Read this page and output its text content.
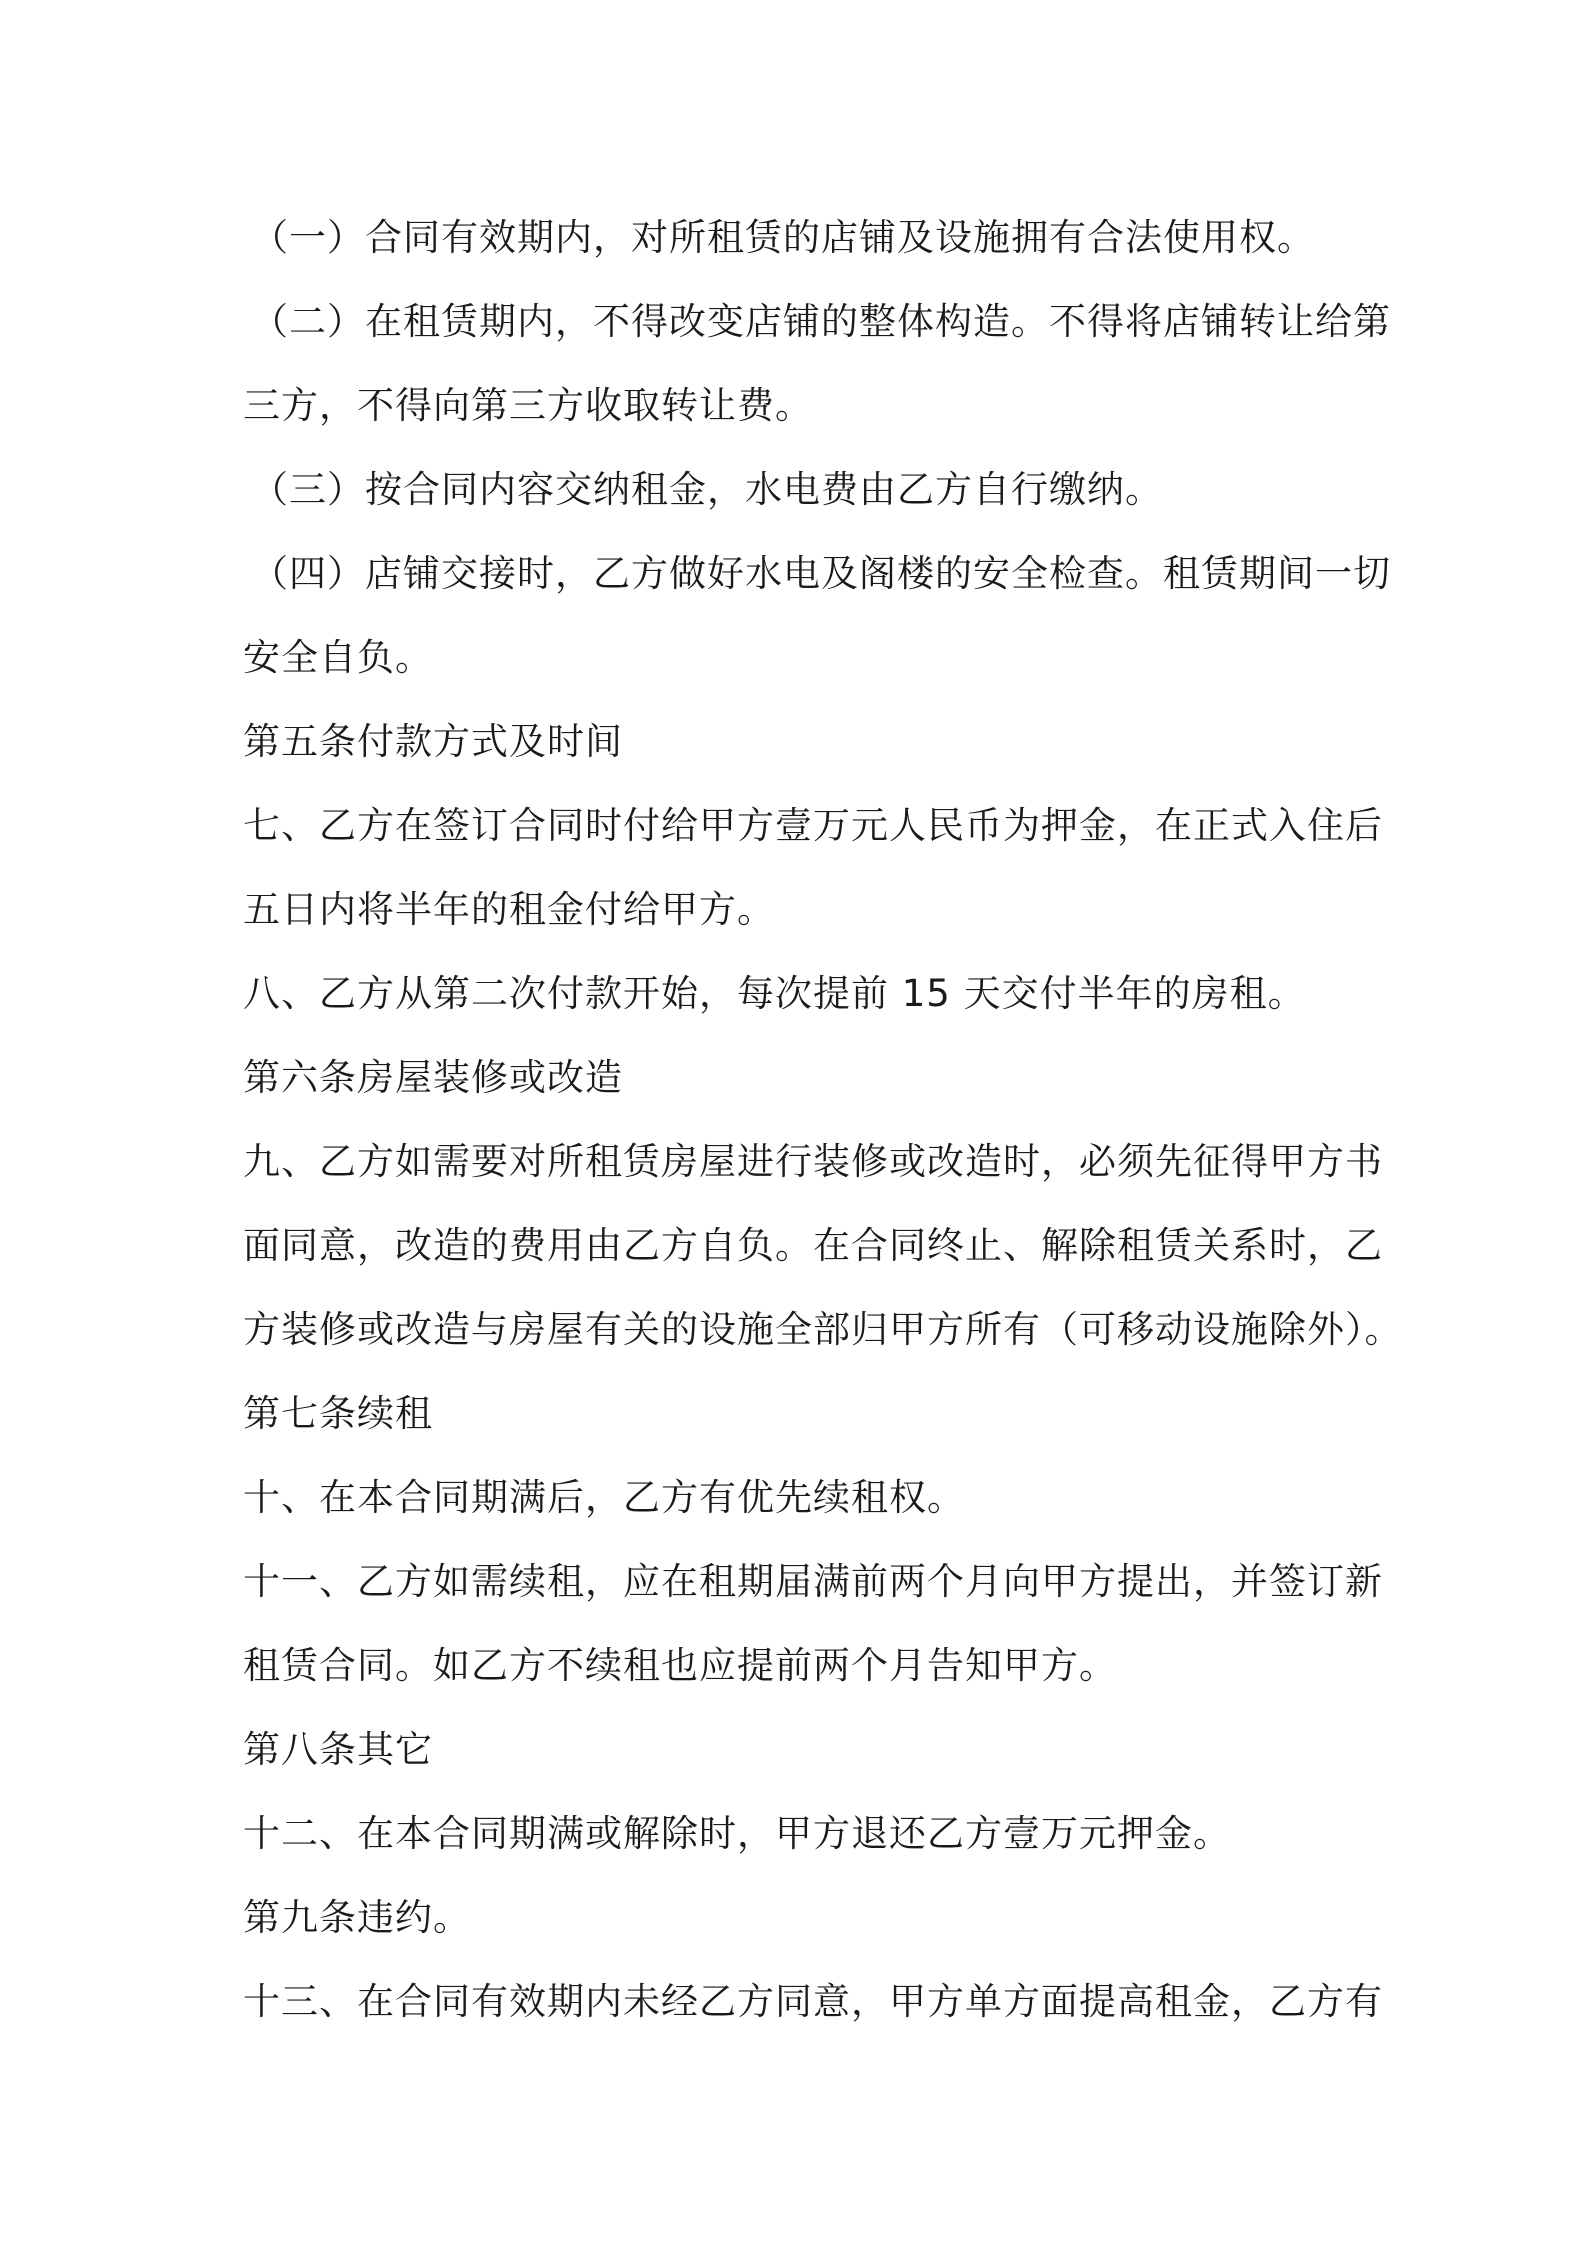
（一）合同有效期内，对所租赁的店铺及设施拥有合法使用权。
（二）在租赁期内，不得改变店铺的整体构造。不得将店铺转让给第
三方，不得向第三方收取转让费。
（三）按合同内容交纳租金，水电费由乙方自行缴纳。
（四）店铺交接时，乙方做好水电及阁楼的安全检查。租赁期间一切
安全自负。
第五条付款方式及时间
七、乙方在签订合同时付给甲方壹万元人民币为押金，在正式入住后
五日内将半年的租金付给甲方。
八、乙方从第二次付款开始，每次提前 15 天交付半年的房租。
第六条房屋装修或改造
九、乙方如需要对所租赁房屋进行装修或改造时，必须先征得甲方书
面同意，改造的费用由乙方自负。在合同终止、解除租赁关系时，乙
方装修或改造与房屋有关的设施全部归甲方所有（可移动设施除外）。
第七条续租
十、在本合同期满后，乙方有优先续租权。
十一、乙方如需续租，应在租期届满前两个月向甲方提出，并签订新
租赁合同。如乙方不续租也应提前两个月告知甲方。
第八条其它
十二、在本合同期满或解除时，甲方退还乙方壹万元押金。
第九条违约。
十三、在合同有效期内未经乙方同意，甲方单方面提高租金，乙方有
